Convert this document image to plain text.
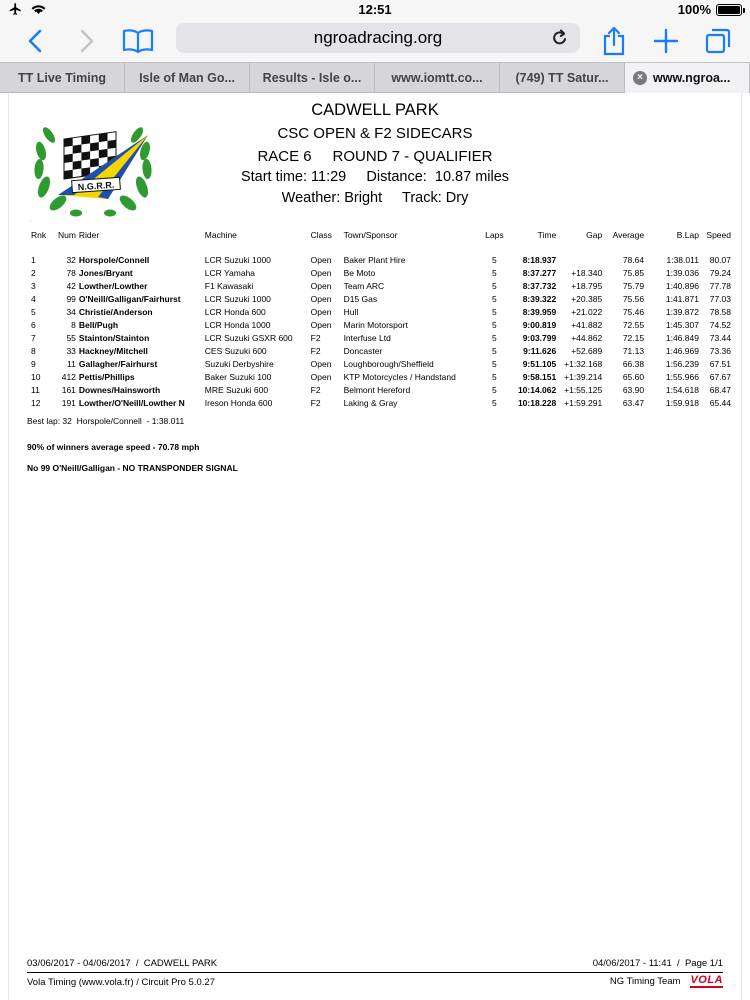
12:51	100%
ngroadracing.org
TT Live Timing	Isle of Man Go... Results - Isle o... www.iomtt.co...	(749) TT Satur...	× www.ngroa...
N.G.R.R.
·
CADWELL PARK
CSC OPEN & F2 SIDECARS
RACE 6     ROUND 7 - QUALIFIER
Start time: 11:29     Distance:  10.87 miles
Weather: Bright     Track: Dry
Rnk	Num	Rider	Machine	Class	Town/Sponsor	Laps	Time	Gap	Average	B.Lap	Speed

1	32	Horspole/Connell	LCR Suzuki 1000	Open	Baker Plant Hire	5	8:18.937		78.64	1:38.011	80.07
2	78	Jones/Bryant	LCR Yamaha	Open	Be Moto	5	8:37.277	+18.340	75.85	1:39.036	79.24
3	42	Lowther/Lowther	F1 Kawasaki	Open	Team ARC	5	8:37.732	+18.795	75.79	1:40.896	77.78
4	99	O'Neill/Galligan/Fairhurst	LCR Suzuki 1000	Open	D15 Gas	5	8:39.322	+20.385	75.56	1:41.871	77.03
5	34	Christie/Anderson	LCR Honda 600	Open	Hull	5	8:39.959	+21.022	75.46	1:39.872	78.58
6	8	Bell/Pugh	LCR Honda 1000	Open	Marin Motorsport	5	9:00.819	+41.882	72.55	1:45.307	74.52
7	55	Stainton/Stainton	LCR Suzuki GSXR 600	F2	Interfuse Ltd	5	9:03.799	+44.862	72.15	1:46.849	73.44
8	33	Hackney/Mitchell	CES Suzuki 600	F2	Doncaster	5	9:11.626	+52.689	71.13	1:46.969	73.36
9	11	Gallagher/Fairhurst	Suzuki Derbyshire	Open	Loughborough/Sheffield	5	9:51.105	+1:32.168	66.38	1:56.239	67.51
10	412	Pettis/Phillips	Baker Suzuki 100	Open	KTP Motorcycles / Handstand	5	9:58.151	+1:39.214	65.60	1:55.966	67.67
11	161	Downes/Hainsworth	MRE Suzuki 600	F2	Belmont Hereford	5	10:14.062	+1:55.125	63.90	1:54.618	68.47
12	191	Lowther/O'Neill/Lowther N	Ireson Honda 600	F2	Laking & Gray	5	10:18.228	+1:59.291	63.47	1:59.918	65.44
Best lap: 32  Horspole/Connell  - 1:38.011
90% of winners average speed - 70.78 mph
No 99 O'Neill/Galligan - NO TRANSPONDER SIGNAL
03/06/2017 - 04/06/2017  /  CADWELL PARK	04/06/2017 - 11:41  /  Page 1/1
Vola Timing (www.vola.fr) / Circuit Pro 5.0.27	NG Timing Team VOLA
